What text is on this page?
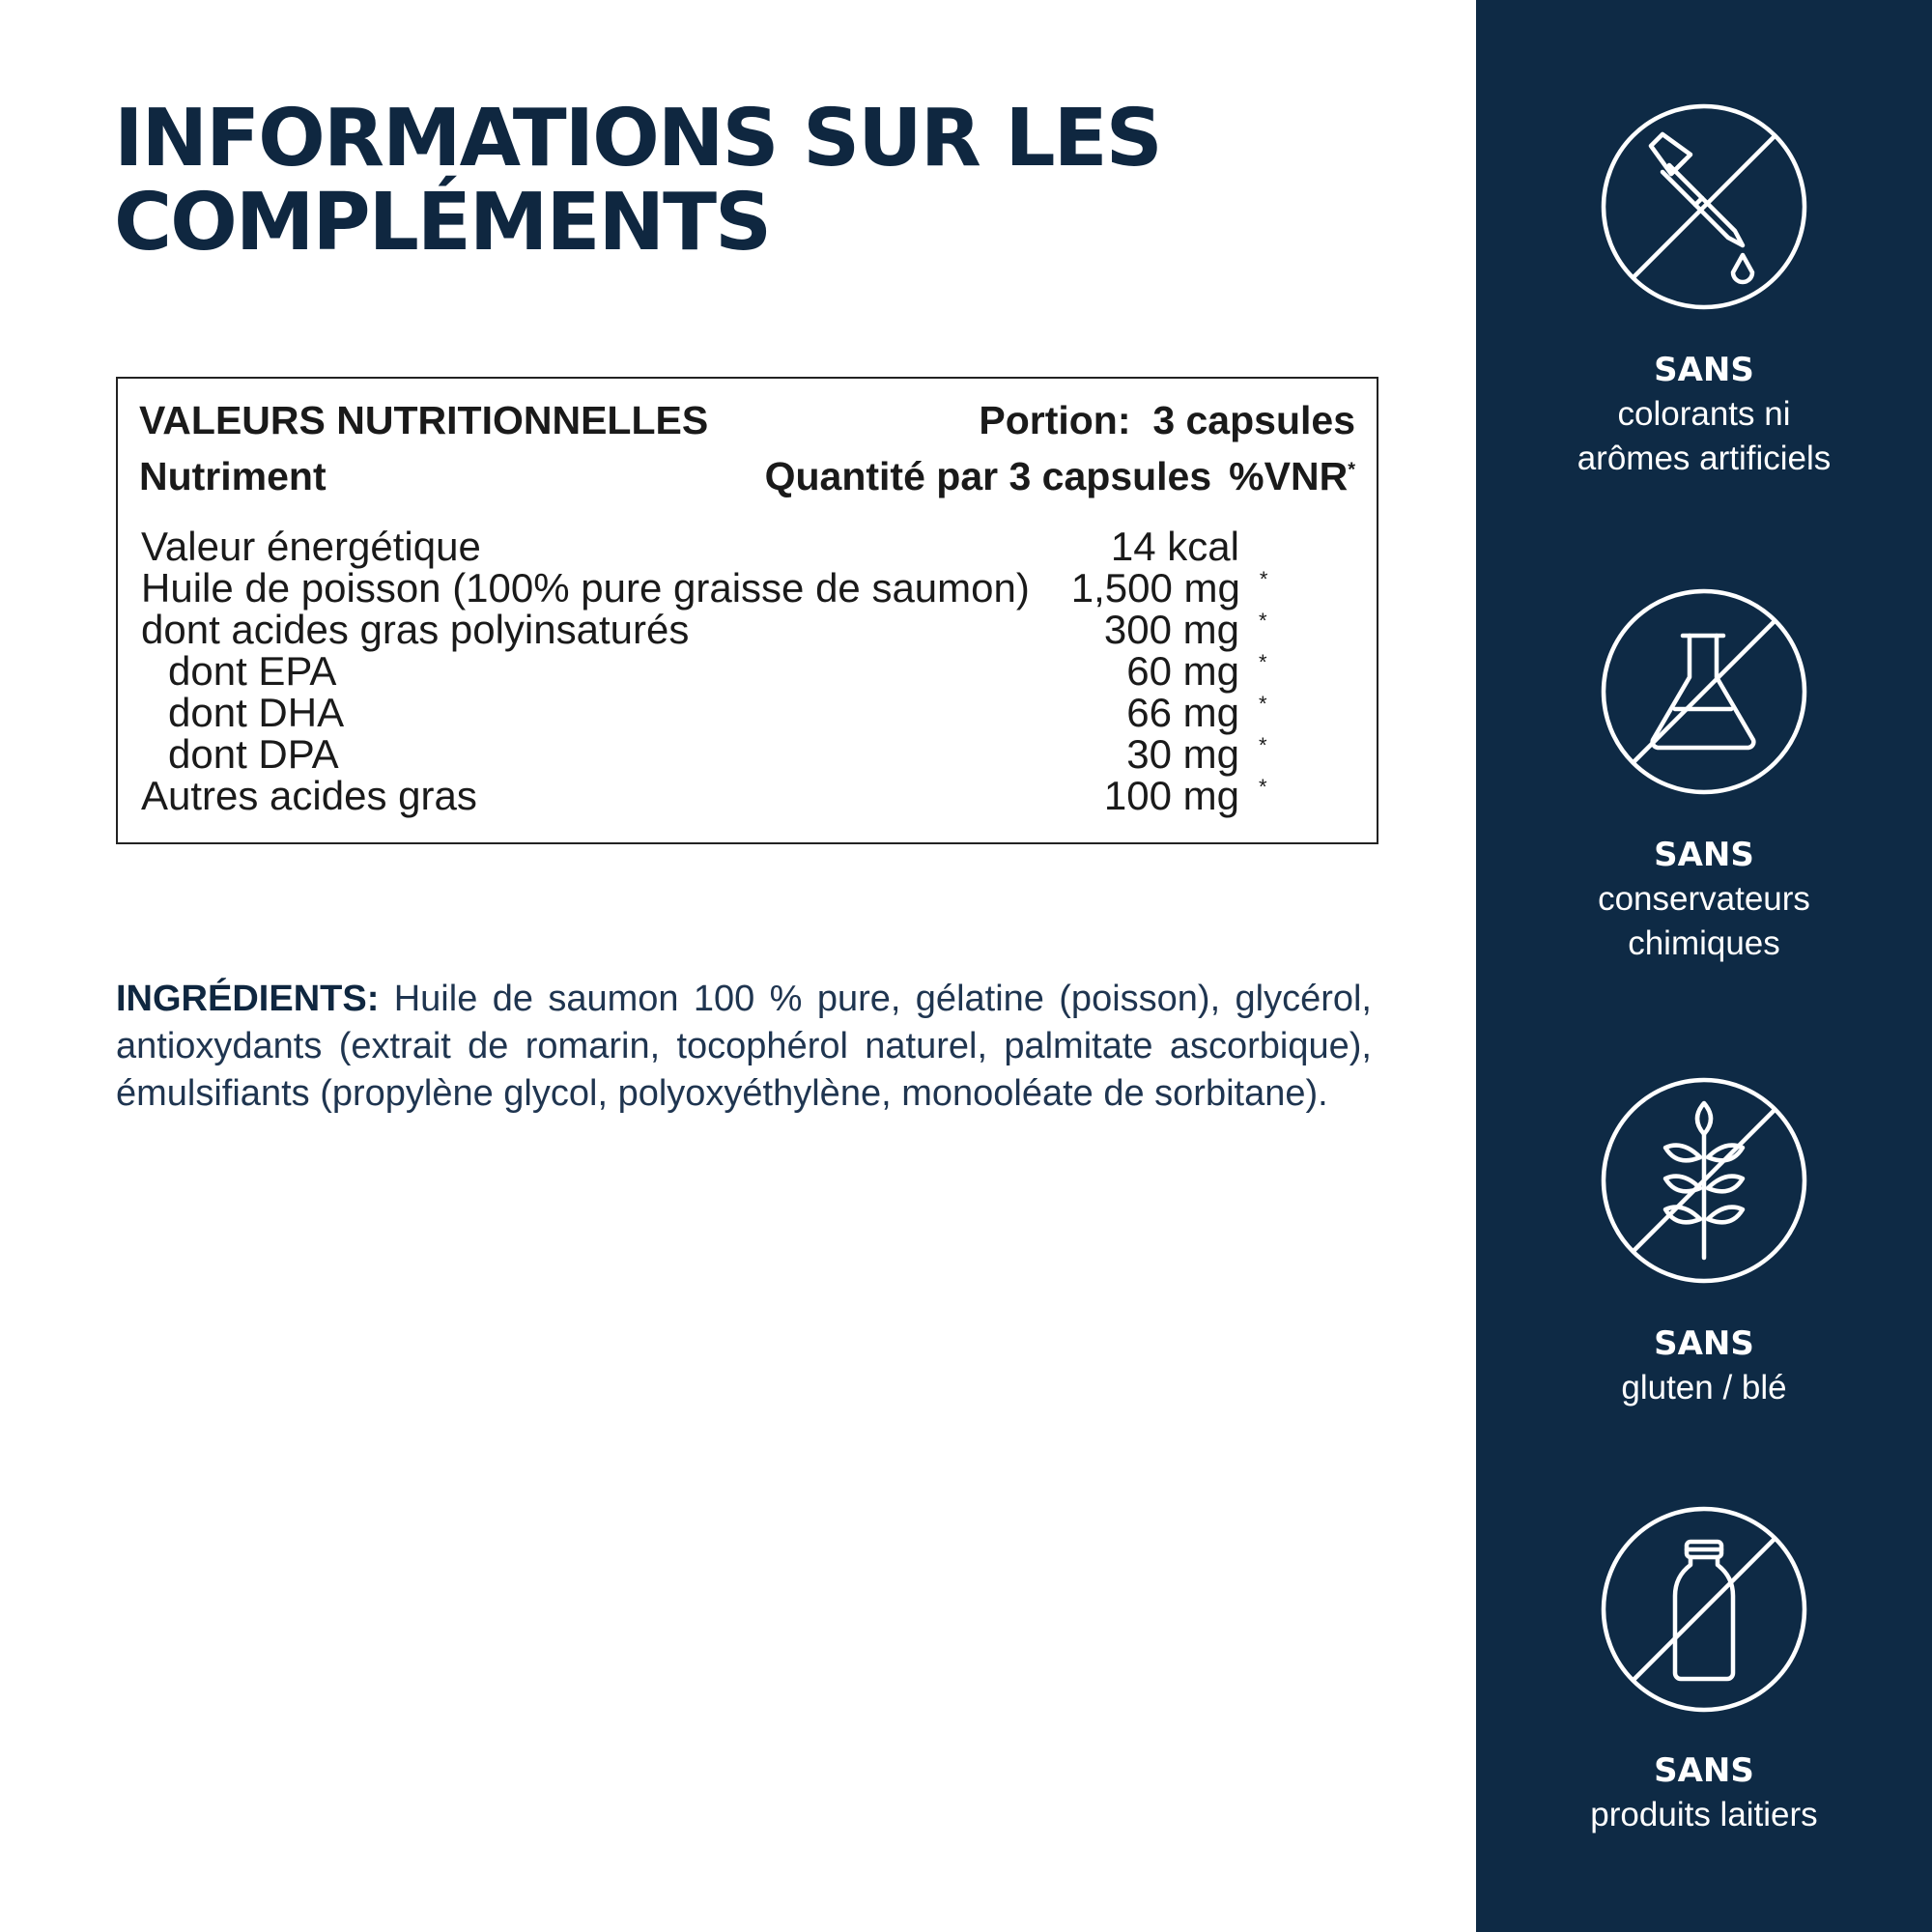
INFORMATIONS SUR LES
COMPLÉMENTS
VALEURS NUTRITIONNELLES	Portion: 3 capsules
Nutriment	Quantité par 3 capsules %VNR*
Valeur énergétique	14 kcal
Huile de poisson (100% pure graisse de saumon)	1,500 mg *
dont acides gras polyinsaturés	300 mg *
dont EPA	60 mg *
dont DHA	66 mg *
dont DPA	30 mg *
Autres acides gras	100 mg *

INGRÉDIENTS: Huile de saumon 100 % pure, gélatine (poisson), glycérol, antioxydants (extrait de romarin, tocophérol naturel, palmitate ascorbique), émulsifiants (propylène glycol, polyoxyéthylène, monooléate de sorbitane).

SANS
colorants ni
arômes artificiels
SANS
conservateurs
chimiques
SANS
gluten / blé
SANS
produits laitiers
